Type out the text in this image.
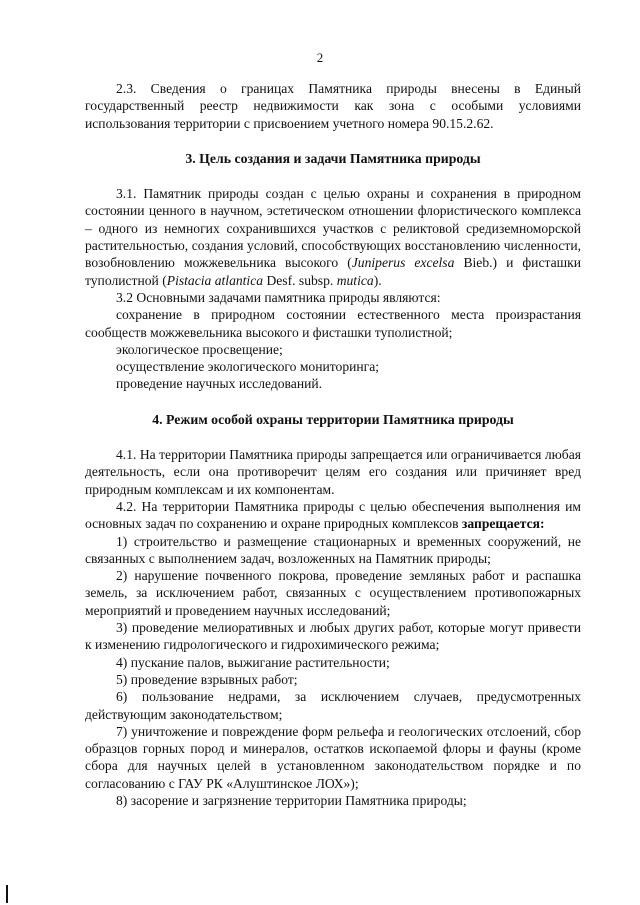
2

2.3. Сведения о границах Памятника природы внесены в Единый государственный реестр недвижимости как зона с особыми условиями использования территории с присвоением учетного номера 90.15.2.62.

3. Цель создания и задачи Памятника природы

3.1. Памятник природы создан с целью охраны и сохранения в природном состоянии ценного в научном, эстетическом отношении флористического комплекса – одного из немногих сохранившихся участков с реликтовой средиземноморской растительностью, создания условий, способствующих восстановлению численности, возобновлению можжевельника высокого (Juniperus excelsa Bieb.) и фисташки туполистной (Pistacia atlantica Desf. subsp. mutica).

3.2 Основными задачами памятника природы являются:

сохранение в природном состоянии естественного места произрастания сообществ можжевельника высокого и фисташки туполистной;

экологическое просвещение;

осуществление экологического мониторинга;

проведение научных исследований.

4. Режим особой охраны территории Памятника природы

4.1. На территории Памятника природы запрещается или ограничивается любая деятельность, если она противоречит целям его создания или причиняет вред природным комплексам и их компонентам.

4.2. На территории Памятника природы с целью обеспечения выполнения им основных задач по сохранению и охране природных комплексов запрещается:

1) строительство и размещение стационарных и временных сооружений, не связанных с выполнением задач, возложенных на Памятник природы;

2) нарушение почвенного покрова, проведение земляных работ и распашка земель, за исключением работ, связанных с осуществлением противопожарных мероприятий и проведением научных исследований;

3) проведение мелиоративных и любых других работ, которые могут привести к изменению гидрологического и гидрохимического режима;

4) пускание палов, выжигание растительности;

5) проведение взрывных работ;

6) пользование недрами, за исключением случаев, предусмотренных действующим законодательством;

7) уничтожение и повреждение форм рельефа и геологических отслоений, сбор образцов горных пород и минералов, остатков ископаемой флоры и фауны (кроме сбора для научных целей в установленном законодательством порядке и по согласованию с ГАУ РК «Алуштинское ЛОХ»);

8) засорение и загрязнение территории Памятника природы;
